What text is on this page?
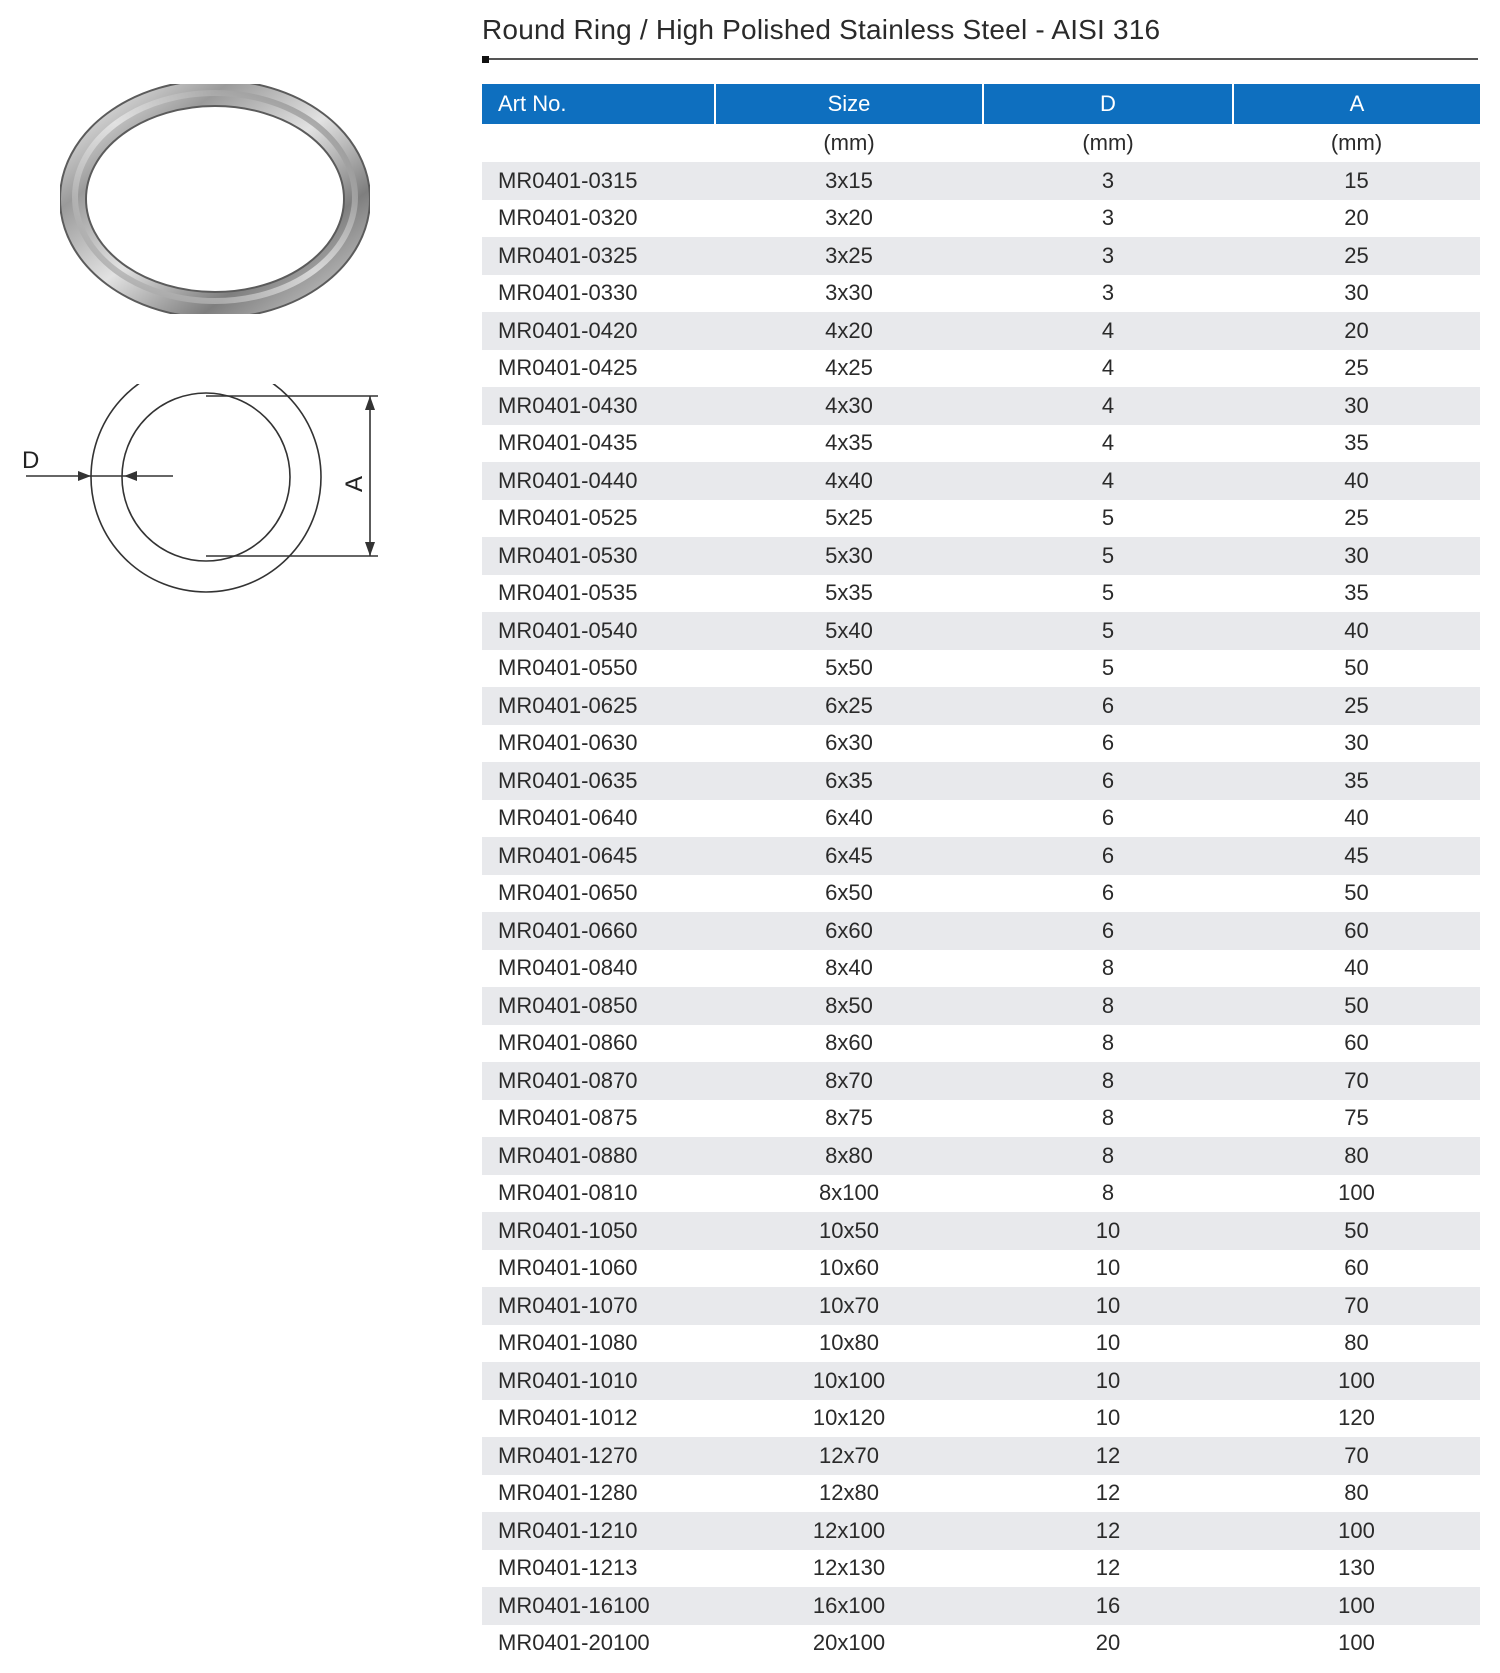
Round Ring / High Polished Stainless Steel - AISI 316
D
A
Art No.	Size	D	A
	(mm)	(mm)	(mm)
MR0401-0315	3x15	3	15
MR0401-0320	3x20	3	20
MR0401-0325	3x25	3	25
MR0401-0330	3x30	3	30
MR0401-0420	4x20	4	20
MR0401-0425	4x25	4	25
MR0401-0430	4x30	4	30
MR0401-0435	4x35	4	35
MR0401-0440	4x40	4	40
MR0401-0525	5x25	5	25
MR0401-0530	5x30	5	30
MR0401-0535	5x35	5	35
MR0401-0540	5x40	5	40
MR0401-0550	5x50	5	50
MR0401-0625	6x25	6	25
MR0401-0630	6x30	6	30
MR0401-0635	6x35	6	35
MR0401-0640	6x40	6	40
MR0401-0645	6x45	6	45
MR0401-0650	6x50	6	50
MR0401-0660	6x60	6	60
MR0401-0840	8x40	8	40
MR0401-0850	8x50	8	50
MR0401-0860	8x60	8	60
MR0401-0870	8x70	8	70
MR0401-0875	8x75	8	75
MR0401-0880	8x80	8	80
MR0401-0810	8x100	8	100
MR0401-1050	10x50	10	50
MR0401-1060	10x60	10	60
MR0401-1070	10x70	10	70
MR0401-1080	10x80	10	80
MR0401-1010	10x100	10	100
MR0401-1012	10x120	10	120
MR0401-1270	12x70	12	70
MR0401-1280	12x80	12	80
MR0401-1210	12x100	12	100
MR0401-1213	12x130	12	130
MR0401-16100	16x100	16	100
MR0401-20100	20x100	20	100
